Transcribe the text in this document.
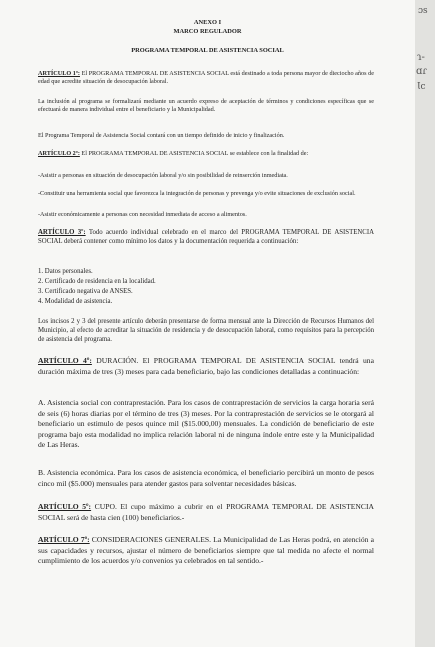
ANEXO I
MARCO REGULADOR
PROGRAMA TEMPORAL DE ASISTENCIA SOCIAL

ARTÍCULO 1º: El PROGRAMA TEMPORAL DE ASISTENCIA SOCIAL está destinado a toda persona mayor de dieciocho años de edad que acredite situación de desocupación laboral.

La inclusión al programa se formalizará mediante un acuerdo expreso de aceptación de términos y condiciones específicas que se efectuará de manera individual entre el beneficiario y la Municipalidad.

El Programa Temporal de Asistencia Social contará con un tiempo definido de inicio y finalización.

ARTÍCULO 2º: El PROGRAMA TEMPORAL DE ASISTENCIA SOCIAL se establece con la finalidad de:

-Asistir a personas en situación de desocupación laboral y/o sin posibilidad de reinserción inmediata.

-Constituir una herramienta social que favorezca la integración de personas y prevenga y/o evite situaciones de exclusión social.

-Asistir económicamente a personas con necesidad inmediata de acceso a alimentos.

ARTÍCULO 3º: Todo acuerdo individual celebrado en el marco del PROGRAMA TEMPORAL DE ASISTENCIA SOCIAL deberá contener como mínimo los datos y la documentación requerida a continuación:

1. Datos personales.

2. Certificado de residencia en la localidad.

3. Certificado negativa de ANSES.

4. Modalidad de asistencia.

Los incisos 2 y 3 del presente artículo deberán presentarse de forma mensual ante la Dirección de Recursos Humanos del Municipio, al efecto de acreditar la situación de residencia y de desocupación laboral, como requisitos para la percepción de asistencia del programa.

ARTÍCULO 4º: DURACIÓN. El PROGRAMA TEMPORAL DE ASISTENCIA SOCIAL tendrá una duración máxima de tres (3) meses para cada beneficiario, bajo las condiciones detalladas a continuación:

A. Asistencia social con contraprestación. Para los casos de contraprestación de servicios la carga horaria será de seis (6) horas diarias por el término de tres (3) meses. Por la contraprestación de servicios se le otorgará al beneficiario un estimulo de pesos quince mil ($15.000,00) mensuales. La condición de beneficiario de este programa bajo esta modalidad no implica relación laboral ni de ninguna índole entre este y la Municipalidad de Las Heras.

B. Asistencia económica. Para los casos de asistencia económica, el beneficiario percibirá un monto de pesos cinco mil ($5.000) mensuales para atender gastos para solventar necesidades básicas.

ARTÍCULO 5º: CUPO. El cupo máximo a cubrir en el PROGRAMA TEMPORAL DE ASISTENCIA SOCIAL será de hasta cien (100) beneficiarios.-

ARTÍCULO 7º: CONSIDERACIONES GENERALES. La Municipalidad de Las Heras podrá, en atención a sus capacidades y recursos, ajustar el número de beneficiarios siempre que tal medida no afecte el normal cumplimiento de los acuerdos y/o convenios ya celebrados en tal sentido.-

ɔs
ɿ-
ɑɾ
Ɩc
